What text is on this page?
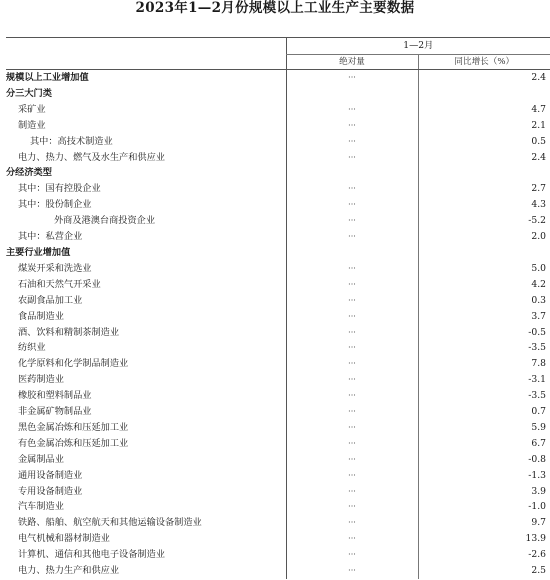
2023年1—2月份规模以上工业生产主要数据
	1—2月	
	绝对量	同比增长（%）
规模以上工业增加值	···	2.4
分三大门类		
采矿业	···	4.7
制造业	···	2.1
其中：高技术制造业	···	0.5
电力、热力、燃气及水生产和供应业	···	2.4
分经济类型		
其中：国有控股企业	···	2.7
其中：股份制企业	···	4.3
外商及港澳台商投资企业	···	-5.2
其中：私营企业	···	2.0
主要行业增加值		
煤炭开采和洗选业	···	5.0
石油和天然气开采业	···	4.2
农副食品加工业	···	0.3
食品制造业	···	3.7
酒、饮料和精制茶制造业	···	-0.5
纺织业	···	-3.5
化学原料和化学制品制造业	···	7.8
医药制造业	···	-3.1
橡胶和塑料制品业	···	-3.5
非金属矿物制品业	···	0.7
黑色金属冶炼和压延加工业	···	5.9
有色金属冶炼和压延加工业	···	6.7
金属制品业	···	-0.8
通用设备制造业	···	-1.3
专用设备制造业	···	3.9
汽车制造业	···	-1.0
铁路、船舶、航空航天和其他运输设备制造业	···	9.7
电气机械和器材制造业	···	13.9
计算机、通信和其他电子设备制造业	···	-2.6
电力、热力生产和供应业	···	2.5
